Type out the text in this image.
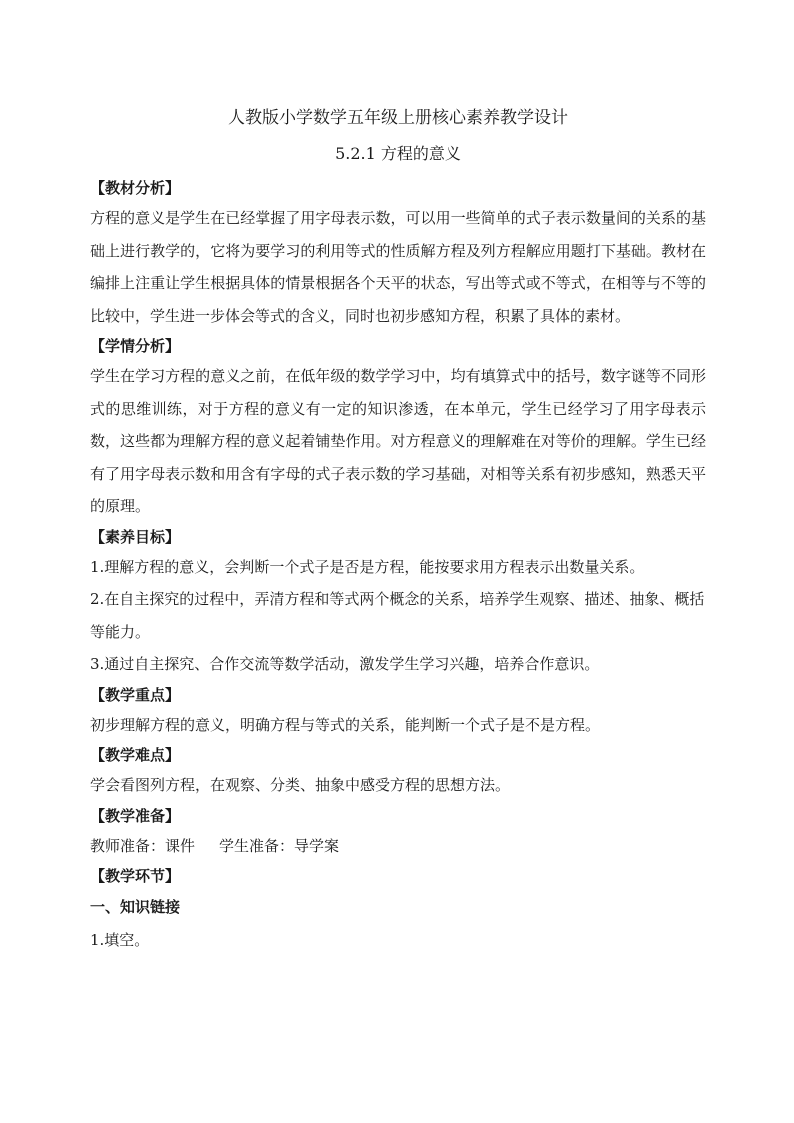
人教版小学数学五年级上册核心素养教学设计

5.2.1 方程的意义

【教材分析】

方程的意义是学生在已经掌握了用字母表示数，可以用一些简单的式子表示数量间的关系的基础上进行教学的，它将为要学习的利用等式的性质解方程及列方程解应用题打下基础。教材在编排上注重让学生根据具体的情景根据各个天平的状态，写出等式或不等式，在相等与不等的比较中，学生进一步体会等式的含义，同时也初步感知方程，积累了具体的素材。

【学情分析】

学生在学习方程的意义之前，在低年级的数学学习中，均有填算式中的括号，数字谜等不同形式的思维训练，对于方程的意义有一定的知识渗透，在本单元，学生已经学习了用字母表示数，这些都为理解方程的意义起着铺垫作用。对方程意义的理解难在对等价的理解。学生已经有了用字母表示数和用含有字母的式子表示数的学习基础，对相等关系有初步感知，熟悉天平的原理。

【素养目标】

1.理解方程的意义，会判断一个式子是否是方程，能按要求用方程表示出数量关系。

2.在自主探究的过程中，弄清方程和等式两个概念的关系，培养学生观察、描述、抽象、概括等能力。

3.通过自主探究、合作交流等数学活动，激发学生学习兴趣，培养合作意识。

【教学重点】

初步理解方程的意义，明确方程与等式的关系，能判断一个式子是不是方程。

【教学难点】

学会看图列方程，在观察、分类、抽象中感受方程的思想方法。

【教学准备】

教师准备：课件 学生准备：导学案

【教学环节】

一、知识链接

1.填空。
